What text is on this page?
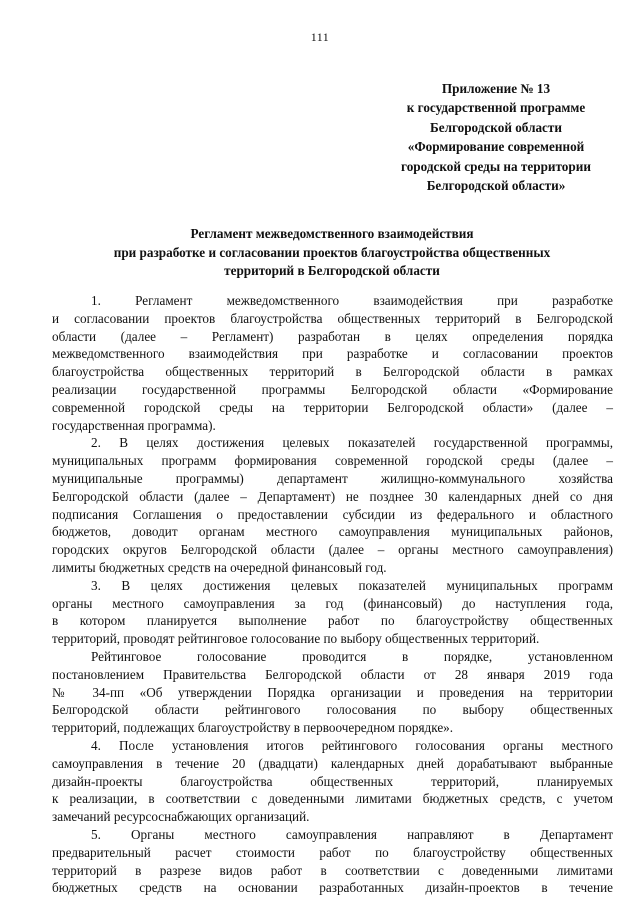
111
Приложение № 13
к государственной программе
Белгородской области
«Формирование современной
городской среды на территории
Белгородской области»
Регламент межведомственного взаимодействия
при разработке и согласовании проектов благоустройства общественных
территорий в Белгородской области
1. Регламент межведомственного взаимодействия при разработке
и согласовании проектов благоустройства общественных территорий в Белгородской
области (далее – Регламент) разработан в целях определения порядка
межведомственного взаимодействия при разработке и согласовании проектов
благоустройства общественных территорий в Белгородской области в рамках
реализации государственной программы Белгородской области «Формирование
современной городской среды на территории Белгородской области» (далее –
государственная программа).
2. В целях достижения целевых показателей государственной программы,
муниципальных программ формирования современной городской среды (далее –
муниципальные программы) департамент жилищно-коммунального хозяйства
Белгородской области (далее – Департамент) не позднее 30 календарных дней со дня
подписания Соглашения о предоставлении субсидии из федерального и областного
бюджетов, доводит органам местного самоуправления муниципальных районов,
городских округов Белгородской области (далее – органы местного самоуправления)
лимиты бюджетных средств на очередной финансовый год.
3. В целях достижения целевых показателей муниципальных программ
органы местного самоуправления за год (финансовый) до наступления года,
в котором планируется выполнение работ по благоустройству общественных
территорий, проводят рейтинговое голосование по выбору общественных территорий.
Рейтинговое голосование проводится в порядке, установленном
постановлением Правительства Белгородской области от 28 января 2019 года
№ 34-пп «Об утверждении Порядка организации и проведения на территории
Белгородской области рейтингового голосования по выбору общественных
территорий, подлежащих благоустройству в первоочередном порядке».
4. После установления итогов рейтингового голосования органы местного
самоуправления в течение 20 (двадцати) календарных дней дорабатывают выбранные
дизайн-проекты благоустройства общественных территорий, планируемых
к реализации, в соответствии с доведенными лимитами бюджетных средств, с учетом
замечаний ресурсоснабжающих организаций.
5. Органы местного самоуправления направляют в Департамент
предварительный расчет стоимости работ по благоустройству общественных
территорий в разрезе видов работ в соответствии с доведенными лимитами
бюджетных средств на основании разработанных дизайн-проектов в течение
